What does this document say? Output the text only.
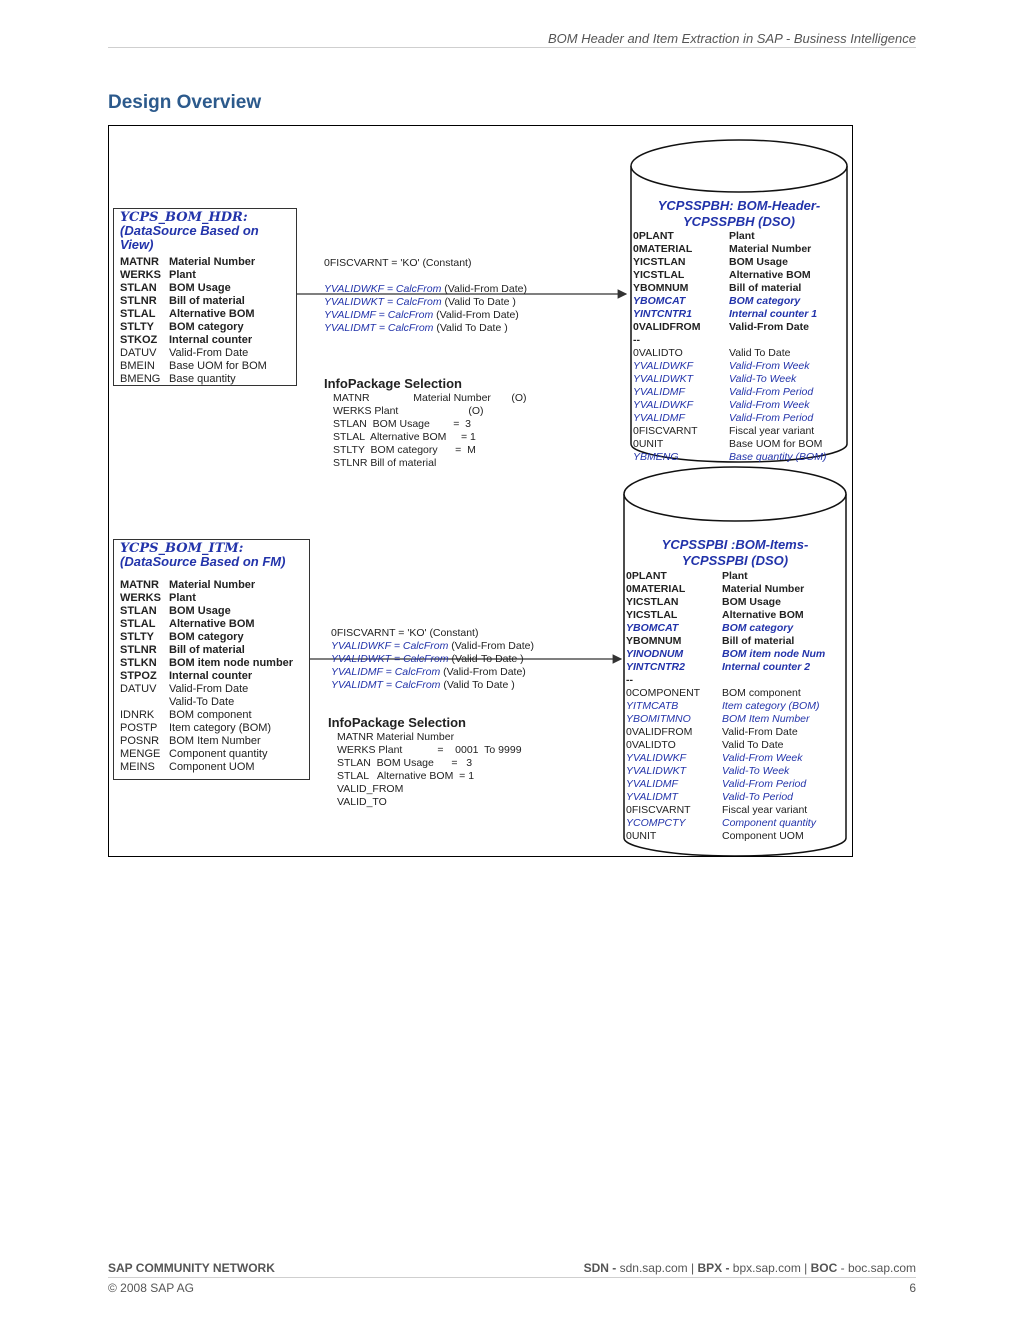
BOM Header and Item Extraction in SAP - Business Intelligence
Design Overview
YCPS_BOM_HDR:
(DataSource Based on View)
MATNR Material Number
WERKS Plant
STLAN BOM Usage
STLNR Bill of material
STLAL Alternative BOM
STLTY BOM category
STKOZ Internal counter
DATUV Valid-From Date
BMEIN Base UOM for BOM
BMENG Base quantity
0FISCVARNT = 'KO' (Constant)
YVALIDWKF = CalcFrom (Valid-From Date)
YVALIDWKT = CalcFrom (Valid To Date )
YVALIDMF = CalcFrom (Valid-From Date)
YVALIDMT = CalcFrom (Valid To Date )
InfoPackage Selection
MATNR               Material Number       (O)
WERKS Plant                        (O)
STLAN  BOM Usage        =  3
STLAL  Alternative BOM     = 1
STLTY  BOM category      =  M
STLNR Bill of material
YCPSSPBH: BOM-Header-
YCPSSPBH (DSO)
0PLANT	Plant
0MATERIAL	Material Number
YICSTLAN	BOM Usage
YICSTLAL	Alternative BOM
YBOMNUM	Bill of material
YBOMCAT	BOM category
YINTCNTR1	Internal counter 1
0VALIDFROM	Valid-From Date
--
0VALIDTO	Valid To Date
YVALIDWKF	Valid-From Week
YVALIDWKT	Valid-To Week
YVALIDMF	Valid-From Period
YVALIDWKF	Valid-From Week
YVALIDMF	Valid-From Period
0FISCVARNT	Fiscal year variant
0UNIT	Base UOM for BOM
YBMENG	Base quantity (BOM)
YCPS_BOM_ITM:
(DataSource Based on FM)
MATNR Material Number
WERKS Plant
STLAN BOM Usage
STLAL Alternative BOM
STLTY BOM category
STLNR Bill of material
STLKN BOM item node number
STPOZ Internal counter
DATUV Valid-From Date
Valid-To Date
IDNRK BOM component
POSTP Item category (BOM)
POSNR BOM Item Number
MENGE Component quantity
MEINS Component UOM
0FISCVARNT = 'KO' (Constant)
YVALIDWKF = CalcFrom (Valid-From Date)
YVALIDWKT = CalcFrom (Valid-To Date )
YVALIDMF = CalcFrom (Valid-From Date)
YVALIDMT = CalcFrom (Valid To Date )
InfoPackage Selection
MATNR Material Number
WERKS Plant            =    0001  To 9999
STLAN  BOM Usage      =   3
STLAL   Alternative BOM  = 1
VALID_FROM
VALID_TO
YCPSSPBI :BOM-Items-
YCPSSPBI (DSO)
0PLANT	Plant
0MATERIAL	Material Number
YICSTLAN	BOM Usage
YICSTLAL	Alternative BOM
YBOMCAT	BOM category
YBOMNUM	Bill of material
YINODNUM	BOM item node Num
YINTCNTR2	Internal counter 2
--
0COMPONENT BOM component
YITMCATB	Item category (BOM)
YBOMITMNO	BOM Item Number
0VALIDFROM	Valid-From Date
0VALIDTO	Valid To Date
YVALIDWKF	Valid-From Week
YVALIDWKT	Valid-To Week
YVALIDMF	Valid-From Period
YVALIDMT	Valid-To Period
0FISCVARNT	Fiscal year variant
YCOMPCTY	Component quantity
0UNIT	Component UOM
SAP COMMUNITY NETWORK	SDN - sdn.sap.com | BPX - bpx.sap.com | BOC - boc.sap.com
© 2008 SAP AG	6
